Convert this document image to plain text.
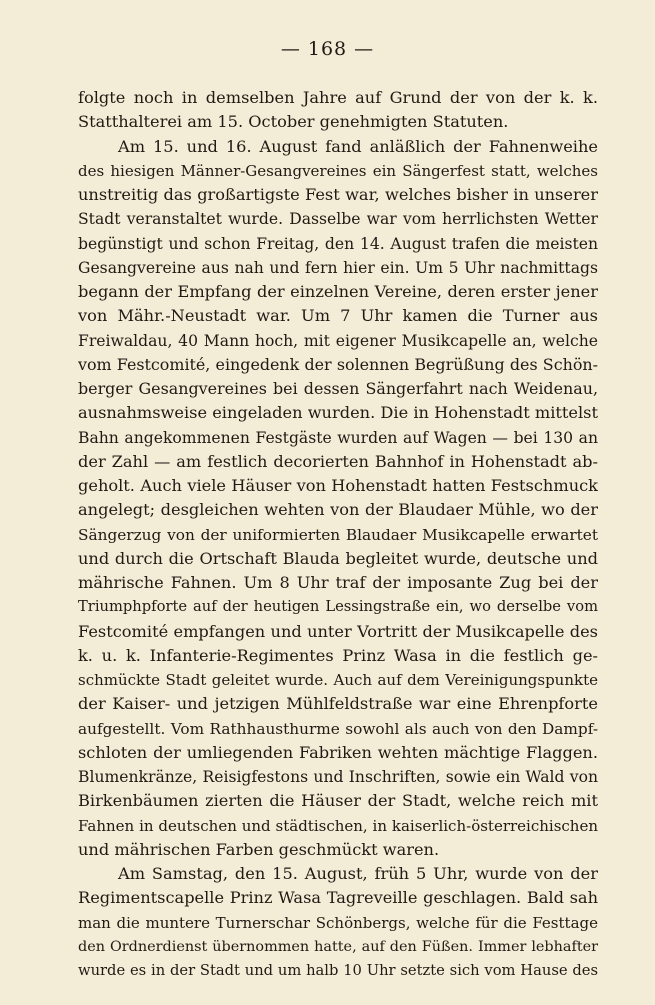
— 168 —
folgte noch in demselben Jahre auf Grund der von der k. k.
Statthalterei am 15. October genehmigten Statuten.
Am 15. und 16. August fand anläßlich der Fahnenweihe
des hiesigen Männer-Gesangvereines ein Sängerfest statt, welches
unstreitig das großartigste Fest war, welches bisher in unserer
Stadt veranstaltet wurde. Dasselbe war vom herrlichsten Wetter
begünstigt und schon Freitag, den 14. August trafen die meisten
Gesangvereine aus nah und fern hier ein. Um 5 Uhr nachmittags
begann der Empfang der einzelnen Vereine, deren erster jener
von Mähr.-Neustadt war. Um 7 Uhr kamen die Turner aus
Freiwaldau, 40 Mann hoch, mit eigener Musikcapelle an, welche
vom Festcomité, eingedenk der solennen Begrüßung des Schön-
berger Gesangvereines bei dessen Sängerfahrt nach Weidenau,
ausnahmsweise eingeladen wurden. Die in Hohenstadt mittelst
Bahn angekommenen Festgäste wurden auf Wagen — bei 130 an
der Zahl — am festlich decorierten Bahnhof in Hohenstadt ab-
geholt. Auch viele Häuser von Hohenstadt hatten Festschmuck
angelegt; desgleichen wehten von der Blaudaer Mühle, wo der
Sängerzug von der uniformierten Blaudaer Musikcapelle erwartet
und durch die Ortschaft Blauda begleitet wurde, deutsche und
mährische Fahnen. Um 8 Uhr traf der imposante Zug bei der
Triumphpforte auf der heutigen Lessingstraße ein, wo derselbe vom
Festcomité empfangen und unter Vortritt der Musikcapelle des
k. u. k. Infanterie-Regimentes Prinz Wasa in die festlich ge-
schmückte Stadt geleitet wurde. Auch auf dem Vereinigungspunkte
der Kaiser- und jetzigen Mühlfeldstraße war eine Ehrenpforte
aufgestellt. Vom Rathhausthurme sowohl als auch von den Dampf-
schloten der umliegenden Fabriken wehten mächtige Flaggen.
Blumenkränze, Reisigfestons und Inschriften, sowie ein Wald von
Birkenbäumen zierten die Häuser der Stadt, welche reich mit
Fahnen in deutschen und städtischen, in kaiserlich-österreichischen
und mährischen Farben geschmückt waren.
Am Samstag, den 15. August, früh 5 Uhr, wurde von der
Regimentscapelle Prinz Wasa Tagreveille geschlagen. Bald sah
man die muntere Turnerschar Schönbergs, welche für die Festtage
den Ordnerdienst übernommen hatte, auf den Füßen. Immer lebhafter
wurde es in der Stadt und um halb 10 Uhr setzte sich vom Hause des
